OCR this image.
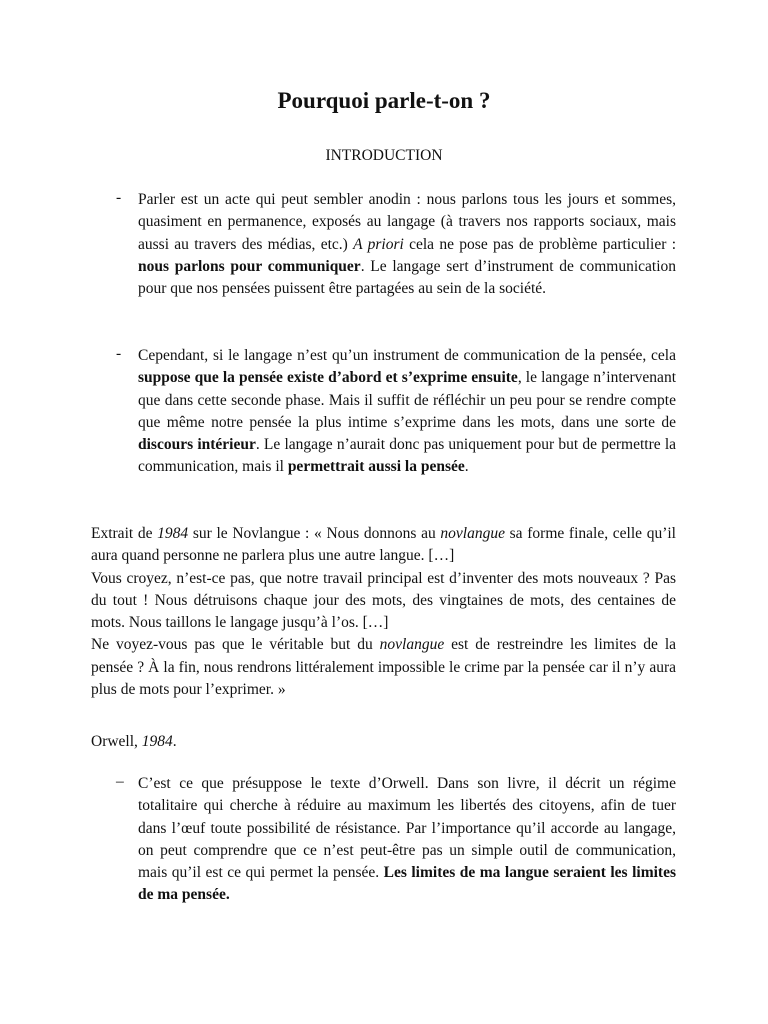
Pourquoi parle-t-on ?

INTRODUCTION

-	Parler est un acte qui peut sembler anodin : nous parlons tous les jours et sommes, quasiment en permanence, exposés au langage (à travers nos rapports sociaux, mais aussi au travers des médias, etc.) A priori cela ne pose pas de problème particulier : nous parlons pour communiquer. Le langage sert d’instrument de communication pour que nos pensées puissent être partagées au sein de la société.

-	Cependant, si le langage n’est qu’un instrument de communication de la pensée, cela suppose que la pensée existe d’abord et s’exprime ensuite, le langage n’intervenant que dans cette seconde phase. Mais il suffit de réfléchir un peu pour se rendre compte que même notre pensée la plus intime s’exprime dans les mots, dans une sorte de discours intérieur. Le langage n’aurait donc pas uniquement pour but de permettre la communication, mais il permettrait aussi la pensée.

Extrait de 1984 sur le Novlangue : « Nous donnons au novlangue sa forme finale, celle qu’il aura quand personne ne parlera plus une autre langue. […]
Vous croyez, n’est-ce pas, que notre travail principal est d’inventer des mots nouveaux ? Pas du tout ! Nous détruisons chaque jour des mots, des vingtaines de mots, des centaines de mots. Nous taillons le langage jusqu’à l’os. […]
Ne voyez-vous pas que le véritable but du novlangue est de restreindre les limites de la pensée ? À la fin, nous rendrons littéralement impossible le crime par la pensée car il n’y aura plus de mots pour l’exprimer. »

Orwell, 1984.

– C’est ce que présuppose le texte d’Orwell. Dans son livre, il décrit un régime totalitaire qui cherche à réduire au maximum les libertés des citoyens, afin de tuer dans l’œuf toute possibilité de résistance. Par l’importance qu’il accorde au langage, on peut comprendre que ce n’est peut-être pas un simple outil de communication, mais qu’il est ce qui permet la pensée. Les limites de ma langue seraient les limites de ma pensée.
